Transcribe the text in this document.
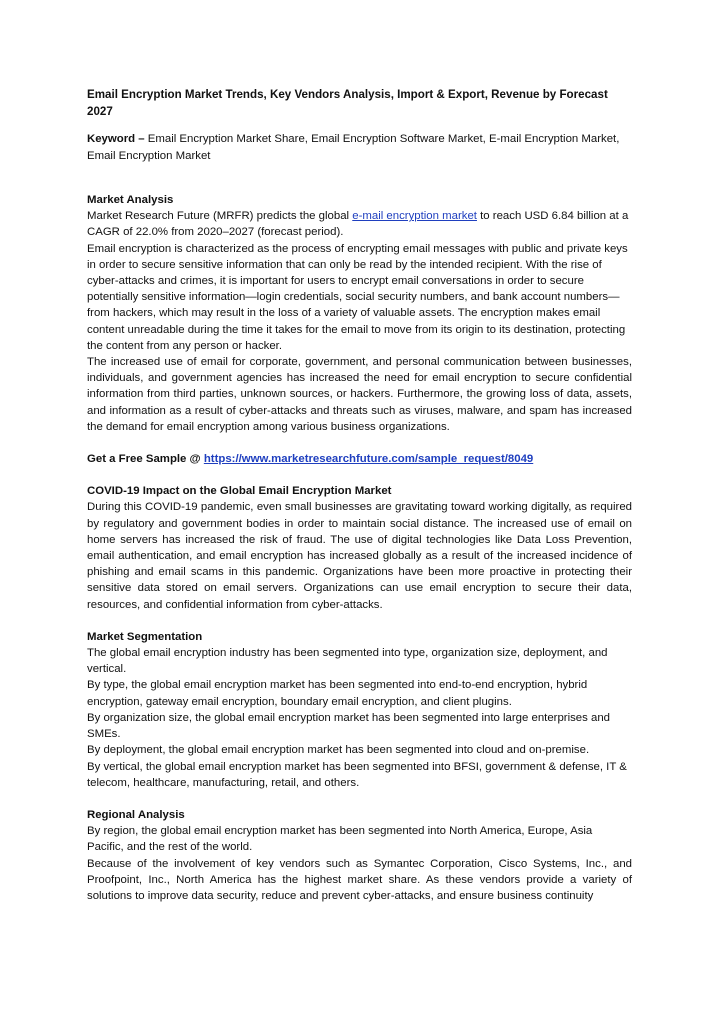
Email Encryption Market Trends, Key Vendors Analysis, Import & Export, Revenue by Forecast 2027

Keyword – Email Encryption Market Share, Email Encryption Software Market, E-mail Encryption Market, Email Encryption Market

Market Analysis

Market Research Future (MRFR) predicts the global e-mail encryption market to reach USD 6.84 billion at a CAGR of 22.0% from 2020–2027 (forecast period).

Email encryption is characterized as the process of encrypting email messages with public and private keys in order to secure sensitive information that can only be read by the intended recipient. With the rise of cyber-attacks and crimes, it is important for users to encrypt email conversations in order to secure potentially sensitive information—login credentials, social security numbers, and bank account numbers—from hackers, which may result in the loss of a variety of valuable assets. The encryption makes email content unreadable during the time it takes for the email to move from its origin to its destination, protecting the content from any person or hacker.

The increased use of email for corporate, government, and personal communication between businesses, individuals, and government agencies has increased the need for email encryption to secure confidential information from third parties, unknown sources, or hackers. Furthermore, the growing loss of data, assets, and information as a result of cyber-attacks and threats such as viruses, malware, and spam has increased the demand for email encryption among various business organizations.

Get a Free Sample @ https://www.marketresearchfuture.com/sample_request/8049

COVID-19 Impact on the Global Email Encryption Market

During this COVID-19 pandemic, even small businesses are gravitating toward working digitally, as required by regulatory and government bodies in order to maintain social distance. The increased use of email on home servers has increased the risk of fraud. The use of digital technologies like Data Loss Prevention, email authentication, and email encryption has increased globally as a result of the increased incidence of phishing and email scams in this pandemic. Organizations have been more proactive in protecting their sensitive data stored on email servers. Organizations can use email encryption to secure their data, resources, and confidential information from cyber-attacks.

Market Segmentation

The global email encryption industry has been segmented into type, organization size, deployment, and vertical.

By type, the global email encryption market has been segmented into end-to-end encryption, hybrid encryption, gateway email encryption, boundary email encryption, and client plugins.

By organization size, the global email encryption market has been segmented into large enterprises and SMEs.

By deployment, the global email encryption market has been segmented into cloud and on-premise.

By vertical, the global email encryption market has been segmented into BFSI, government & defense, IT & telecom, healthcare, manufacturing, retail, and others.

Regional Analysis

By region, the global email encryption market has been segmented into North America, Europe, Asia Pacific, and the rest of the world.

Because of the involvement of key vendors such as Symantec Corporation, Cisco Systems, Inc., and Proofpoint, Inc., North America has the highest market share. As these vendors provide a variety of solutions to improve data security, reduce and prevent cyber-attacks, and ensure business continuity
